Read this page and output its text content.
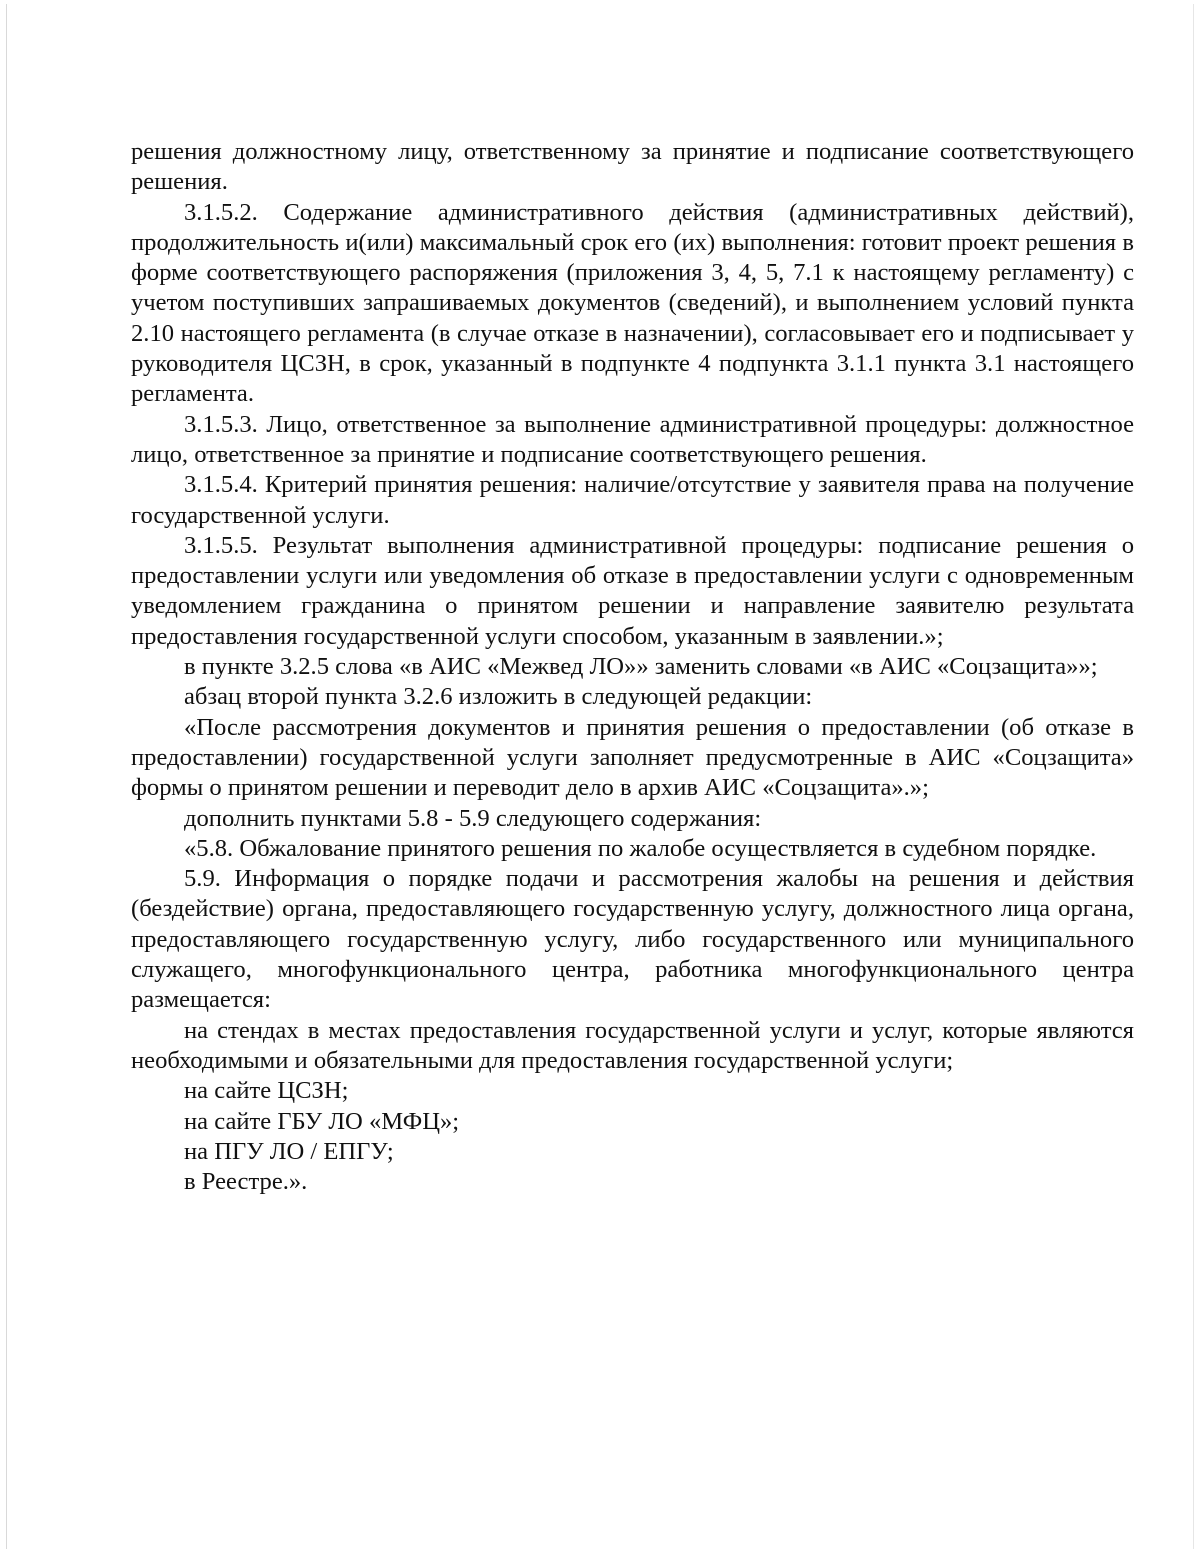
решения должностному лицу, ответственному за принятие и подписание соответствующего решения.

3.1.5.2. Содержание административного действия (административных действий), продолжительность и(или) максимальный срок его (их) выполнения: готовит проект решения в форме соответствующего распоряжения (приложения 3, 4, 5, 7.1 к настоящему регламенту) с учетом поступивших запрашиваемых документов (сведений), и выполнением условий пункта 2.10 настоящего регламента (в случае отказе в назначении), согласовывает его и подписывает у руководителя ЦСЗН, в срок, указанный в подпункте 4 подпункта 3.1.1 пункта 3.1 настоящего регламента.

3.1.5.3. Лицо, ответственное за выполнение административной процедуры: должностное лицо, ответственное за принятие и подписание соответствующего решения.

3.1.5.4. Критерий принятия решения: наличие/отсутствие у заявителя права на получение государственной услуги.

3.1.5.5. Результат выполнения административной процедуры: подписание решения о предоставлении услуги или уведомления об отказе в предоставлении услуги с одновременным уведомлением гражданина о принятом решении и направление заявителю результата предоставления государственной услуги способом, указанным в заявлении.»;

в пункте 3.2.5 слова «в АИС «Межвед ЛО»» заменить словами «в АИС «Соцзащита»»;

абзац второй пункта 3.2.6 изложить в следующей редакции:

«После рассмотрения документов и принятия решения о предоставлении (об отказе в предоставлении) государственной услуги заполняет предусмотренные в АИС «Соцзащита» формы о принятом решении и переводит дело в архив АИС «Соцзащита».»;

дополнить пунктами 5.8 - 5.9 следующего содержания:

«5.8. Обжалование принятого решения по жалобе осуществляется в судебном порядке.

5.9. Информация о порядке подачи и рассмотрения жалобы на решения и действия (бездействие) органа, предоставляющего государственную услугу, должностного лица органа, предоставляющего государственную услугу, либо государственного или муниципального служащего, многофункционального центра, работника многофункционального центра размещается:

на стендах в местах предоставления государственной услуги и услуг, которые являются необходимыми и обязательными для предоставления государственной услуги;

на сайте ЦСЗН;

на сайте ГБУ ЛО «МФЦ»;

на ПГУ ЛО / ЕПГУ;

в Реестре.».
